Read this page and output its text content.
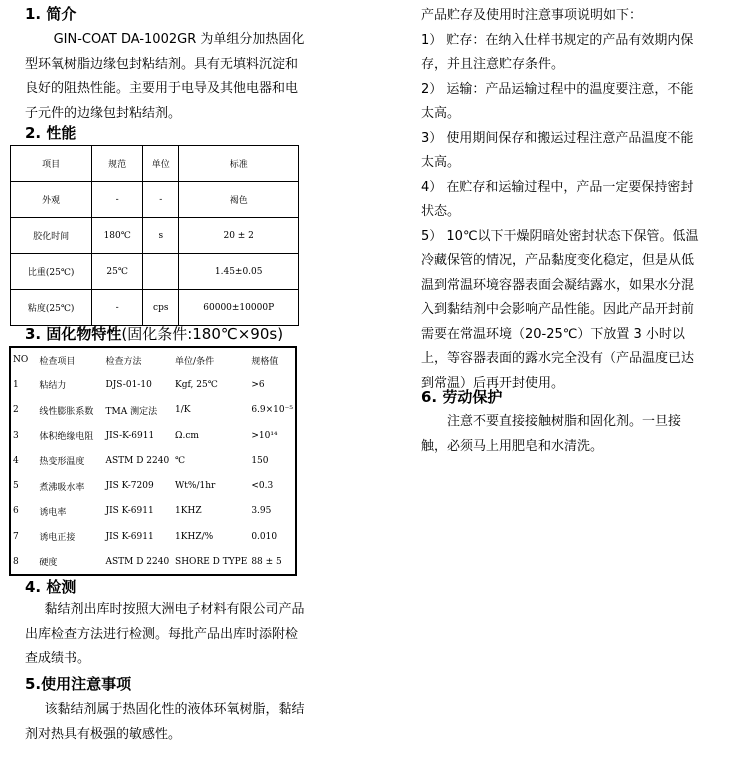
1. 简介

GIN-COAT DA-1002GR 为单组分加热固化型环氧树脂边缘包封粘结剂。具有无填料沉淀和良好的阻热性能。主要用于电导及其他电器和电子元件的边缘包封粘结剂。

2. 性能
项目	规范	单位	标准
外观	-	-	褐色
胶化时间	180℃	s	20 ± 2
比重(25℃)	25℃		1.45±0.05
粘度(25℃)	-	cps	60000±10000P
3. 固化物特性(固化条件:180℃×90s)
NO	检查项目	检查方法	单位/条件	规格值
1	粘结力	DJS-01-10	Kgf, 25℃	>6
2	线性膨胀系数	TMA 测定法	1/K	6.9×10⁻⁵
3	体积绝缘电阻	JIS-K-6911	Ω.cm	>10¹⁴
4	热变形温度	ASTM D 2240	℃	150
5	煮沸吸水率	JIS K-7209	Wt%/1hr	<0.3
6	诱电率	JIS K-6911	1KHZ	3.95
7	诱电正接	JIS K-6911	1KHZ/%	0.010
8	硬度	ASTM D 2240	SHORE D TYPE	88 ± 5
4. 检测

黏结剂出库时按照大洲电子材料有限公司产品出库检查方法进行检测。每批产品出库时添附检查成绩书。

5.使用注意事项

该黏结剂属于热固化性的液体环氧树脂，黏结剂对热具有极强的敏感性。

产品贮存及使用时注意事项说明如下：

1） 贮存：在纳入仕样书规定的产品有效期内保存，并且注意贮存条件。

2） 运输：产品运输过程中的温度要注意，不能太高。

3） 使用期间保存和搬运过程注意产品温度不能太高。

4） 在贮存和运输过程中，产品一定要保持密封状态。

5） 10℃以下干燥阴暗处密封状态下保管。低温冷藏保管的情况，产品黏度变化稳定，但是从低温到常温环境容器表面会凝结露水，如果水分混入到黏结剂中会影响产品性能。因此产品开封前需要在常温环境（20-25℃）下放置 3 小时以上，等容器表面的露水完全没有（产品温度已达到常温）后再开封使用。

6. 劳动保护

注意不要直接接触树脂和固化剂。一旦接触，必须马上用肥皂和水清洗。
